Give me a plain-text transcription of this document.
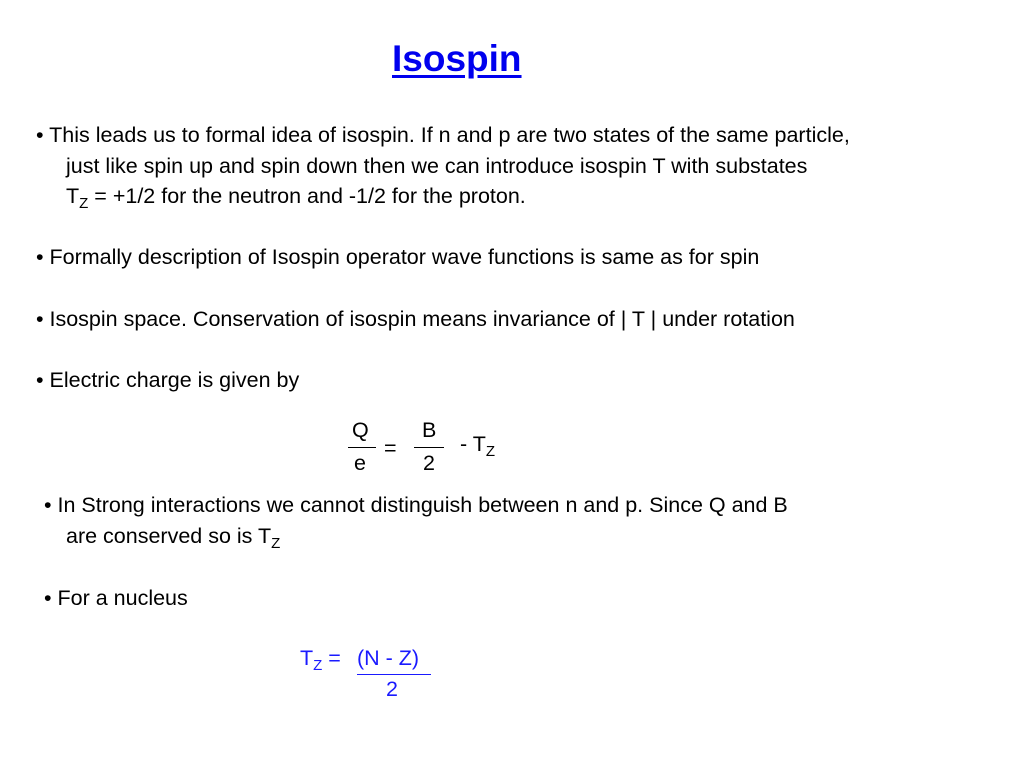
Isospin
• This leads us to formal idea of isospin. If n and p are two states of the same particle,
just like spin up and spin down then we can introduce isospin T with substates
$T_Z = +1/2$ for the neutron and -1/2 for the proton.
• Formally description of Isospin operator wave functions is same as for spin
• Isospin space. Conservation of isospin means invariance of | T | under rotation
• Electric charge is given by
Q
e
=
B
2
- $T_Z$
• In Strong interactions we cannot distinguish between n and p. Since Q and B
are conserved so is $T_Z$
• For a nucleus
$T_Z = (N - Z)$
2
